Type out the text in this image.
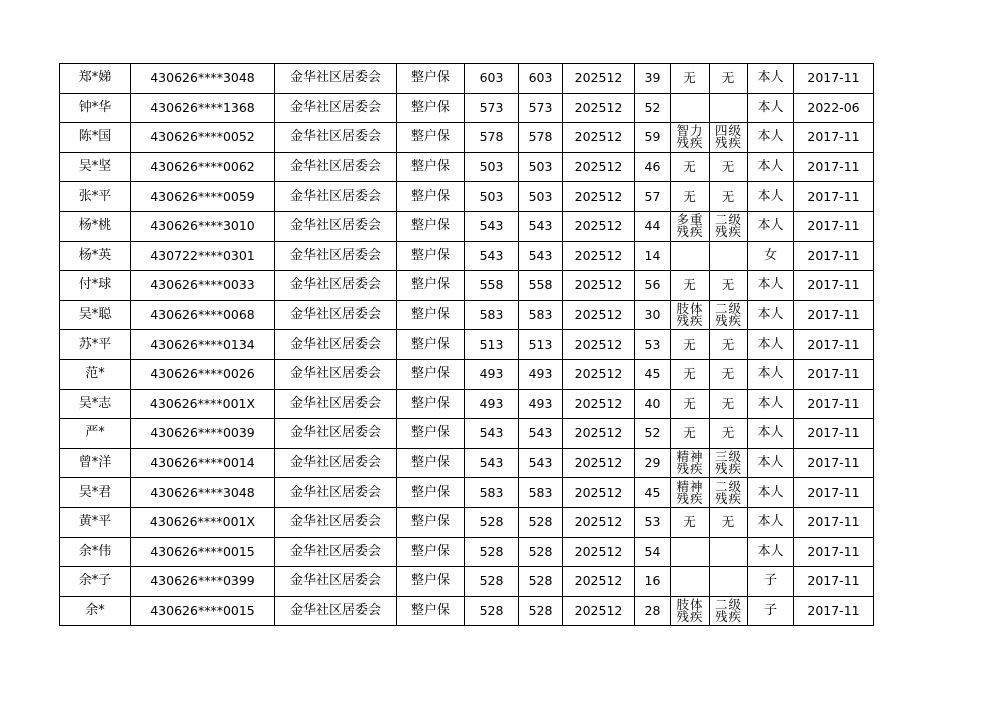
郑*娣	430626****3048	金华社区居委会	整户保	603	603	202512	39	无	无	本人	2017-11
钟*华	430626****1368	金华社区居委会	整户保	573	573	202512	52			本人	2022-06
陈*国	430626****0052	金华社区居委会	整户保	578	578	202512	59	智力残疾	四级残疾	本人	2017-11
吴*坚	430626****0062	金华社区居委会	整户保	503	503	202512	46	无	无	本人	2017-11
张*平	430626****0059	金华社区居委会	整户保	503	503	202512	57	无	无	本人	2017-11
杨*桃	430626****3010	金华社区居委会	整户保	543	543	202512	44	多重残疾	二级残疾	本人	2017-11
杨*英	430722****0301	金华社区居委会	整户保	543	543	202512	14			女	2017-11
付*球	430626****0033	金华社区居委会	整户保	558	558	202512	56	无	无	本人	2017-11
吴*聪	430626****0068	金华社区居委会	整户保	583	583	202512	30	肢体残疾	二级残疾	本人	2017-11
苏*平	430626****0134	金华社区居委会	整户保	513	513	202512	53	无	无	本人	2017-11
范*	430626****0026	金华社区居委会	整户保	493	493	202512	45	无	无	本人	2017-11
吴*志	430626****001X	金华社区居委会	整户保	493	493	202512	40	无	无	本人	2017-11
严*	430626****0039	金华社区居委会	整户保	543	543	202512	52	无	无	本人	2017-11
曾*洋	430626****0014	金华社区居委会	整户保	543	543	202512	29	精神残疾	三级残疾	本人	2017-11
吴*君	430626****3048	金华社区居委会	整户保	583	583	202512	45	精神残疾	二级残疾	本人	2017-11
黄*平	430626****001X	金华社区居委会	整户保	528	528	202512	53	无	无	本人	2017-11
余*伟	430626****0015	金华社区居委会	整户保	528	528	202512	54			本人	2017-11
余*子	430626****0399	金华社区居委会	整户保	528	528	202512	16			子	2017-11
余*	430626****0015	金华社区居委会	整户保	528	528	202512	28	肢体残疾	二级残疾	子	2017-11
